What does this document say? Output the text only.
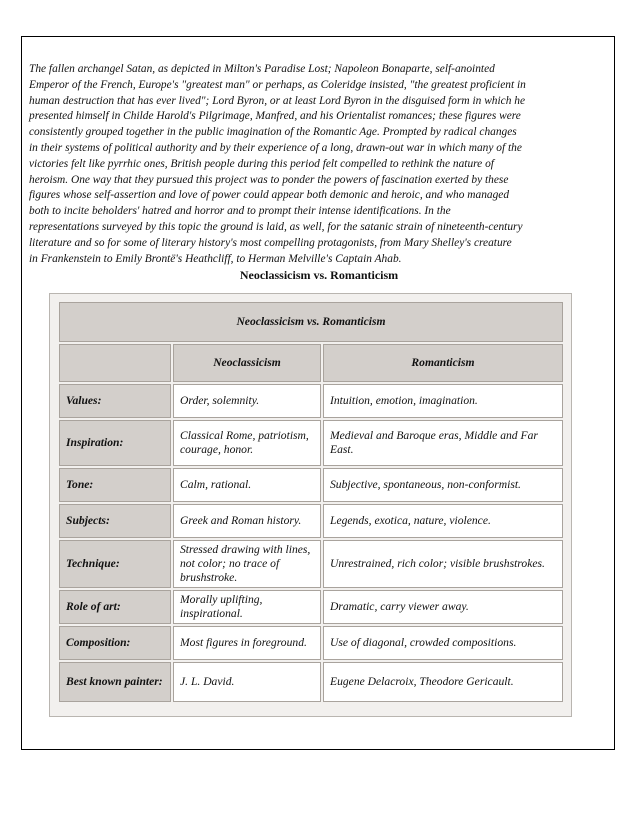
The fallen archangel Satan, as depicted in Milton's Paradise Lost; Napoleon Bonaparte, self-anointed
Emperor of the French, Europe's "greatest man" or perhaps, as Coleridge insisted, "the greatest proficient in
human destruction that has ever lived"; Lord Byron, or at least Lord Byron in the disguised form in which he
presented himself in Childe Harold's Pilgrimage, Manfred, and his Orientalist romances; these figures were
consistently grouped together in the public imagination of the Romantic Age. Prompted by radical changes
in their systems of political authority and by their experience of a long, drawn-out war in which many of the
victories felt like pyrrhic ones, British people during this period felt compelled to rethink the nature of
heroism. One way that they pursued this project was to ponder the powers of fascination exerted by these
figures whose self-assertion and love of power could appear both demonic and heroic, and who managed
both to incite beholders' hatred and horror and to prompt their intense identifications. In the
representations surveyed by this topic the ground is laid, as well, for the satanic strain of nineteenth-century
literature and so for some of literary history's most compelling protagonists, from Mary Shelley's creature
in Frankenstein to Emily Brontë's Heathcliff, to Herman Melville's Captain Ahab.

Neoclassicism vs. Romanticism

Neoclassicism vs. Romanticism		
	Neoclassicism	Romanticism
Values:	Order, solemnity.	Intuition, emotion, imagination.
Inspiration:	Classical Rome, patriotism, courage, honor.	Medieval and Baroque eras, Middle and Far East.
Tone:	Calm, rational.	Subjective, spontaneous, non-conformist.
Subjects:	Greek and Roman history.	Legends, exotica, nature, violence.
Technique:	Stressed drawing with lines, not color; no trace of brushstroke.	Unrestrained, rich color; visible brushstrokes.
Role of art:	Morally uplifting, inspirational.	Dramatic, carry viewer away.
Composition:	Most figures in foreground.	Use of diagonal, crowded compositions.
Best known painter:	J. L. David.	Eugene Delacroix, Theodore Gericault.
